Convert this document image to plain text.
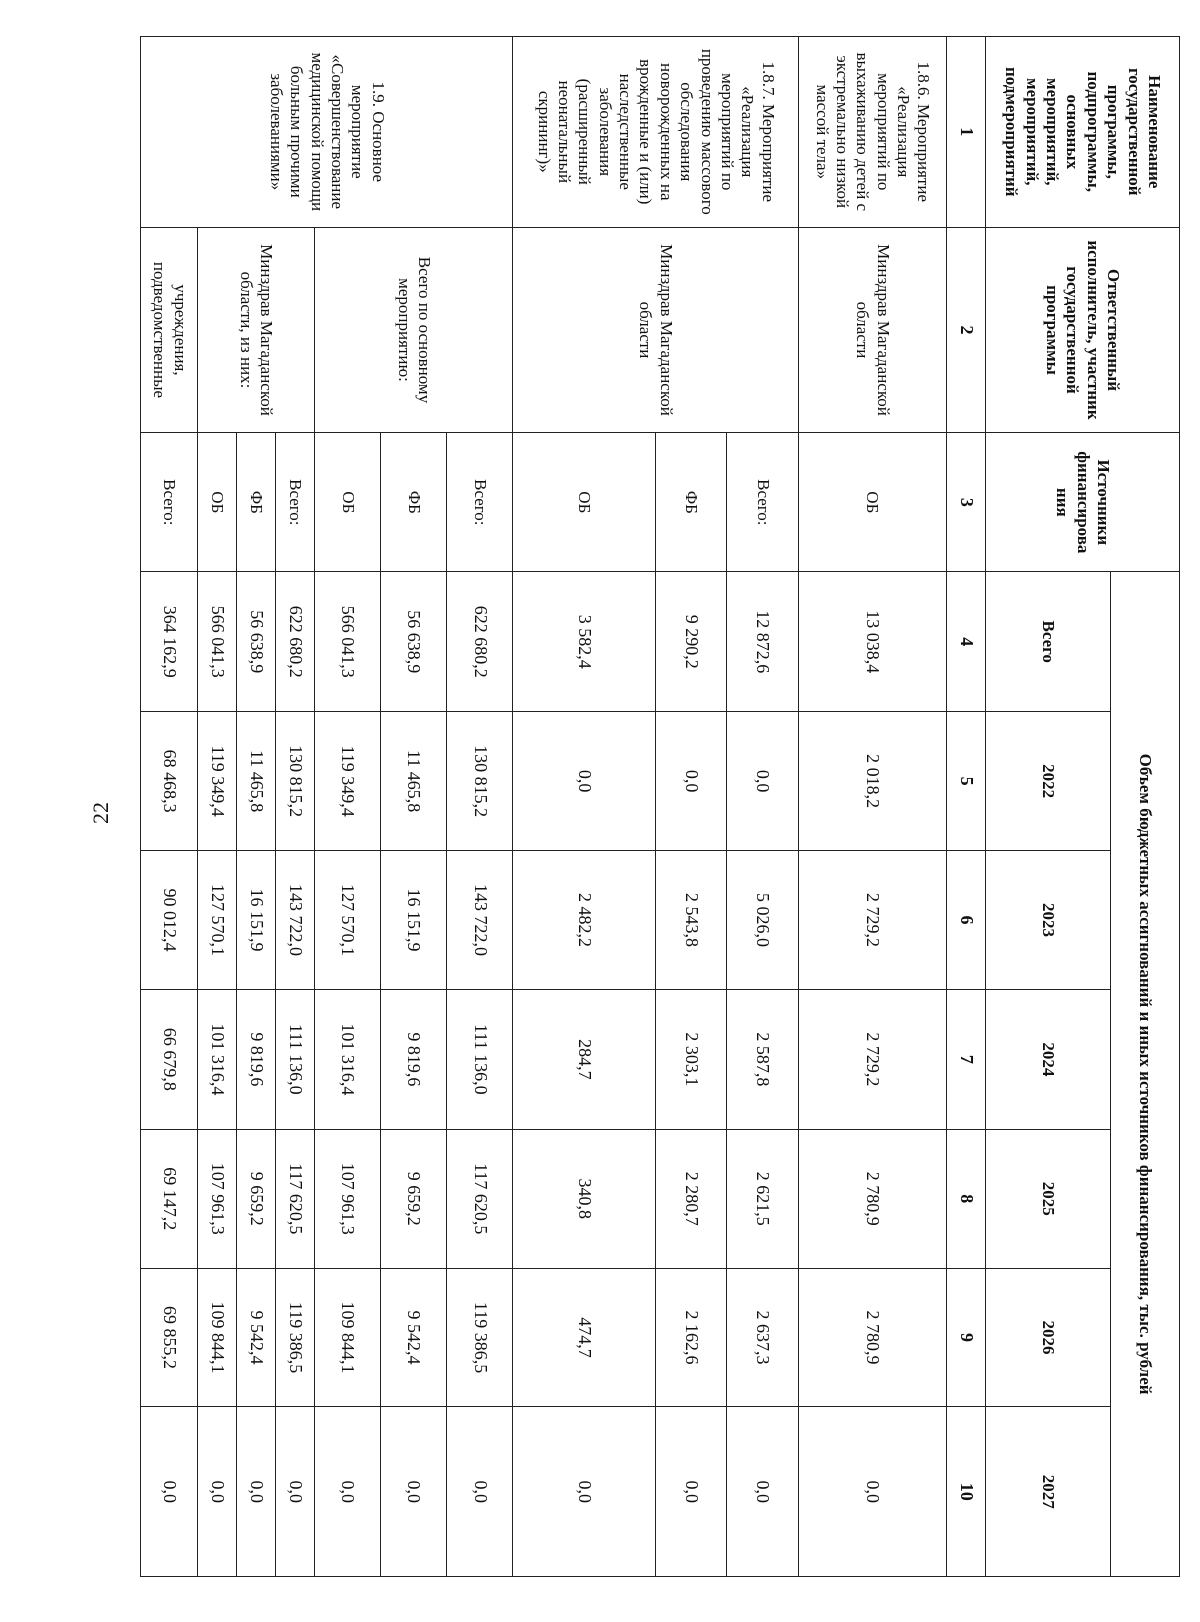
22
Наименование государственной программы, подпрограммы, основных мероприятий, мероприятий, подмероприятий	Ответственный исполнитель, участник государственной программы	Источники финансирова ния	Объем бюджетных ассигнований и иных источников финансирования, тыс. рублей						
			Всего	2022	2023	2024	2025	2026	2027
1	2	3	4	5	6	7	8	9	10
1.8.6. Мероприятие «Реализация мероприятий по выхаживанию детей с экстремально низкой массой тела»	Минздрав Магаданской области	ОБ	13 038,4	2 018,2	2 729,2	2 729,2	2 780,9	2 780,9	0,0
1.8.7. Мероприятие «Реализация мероприятий по проведению массового обследования новорожденных на врожденные и (или) наследственные заболевания (расширенный неонатальный скрининг)»	Минздрав Магаданской области	Всего:	12 872,6	0,0	5 026,0	2 587,8	2 621,5	2 637,3	0,0
		ФБ	9 290,2	0,0	2 543,8	2 303,1	2 280,7	2 162,6	0,0
		ОБ	3 582,4	0,0	2 482,2	284,7	340,8	474,7	0,0
1.9. Основное мероприятие «Совершенствование медицинской помощи больным прочими заболеваниями»	Всего по основному мероприятию:	Всего:	622 680,2	130 815,2	143 722,0	111 136,0	117 620,5	119 386,5	0,0
		ФБ	56 638,9	11 465,8	16 151,9	9 819,6	9 659,2	9 542,4	0,0
		ОБ	566 041,3	119 349,4	127 570,1	101 316,4	107 961,3	109 844,1	0,0
	Минздрав Магаданской области, из них:	Всего:	622 680,2	130 815,2	143 722,0	111 136,0	117 620,5	119 386,5	0,0
		ФБ	56 638,9	11 465,8	16 151,9	9 819,6	9 659,2	9 542,4	0,0
		ОБ	566 041,3	119 349,4	127 570,1	101 316,4	107 961,3	109 844,1	0,0
	учреждения, подведомственные	Всего:	364 162,9	68 468,3	90 012,4	66 679,8	69 147,2	69 855,2	0,0
